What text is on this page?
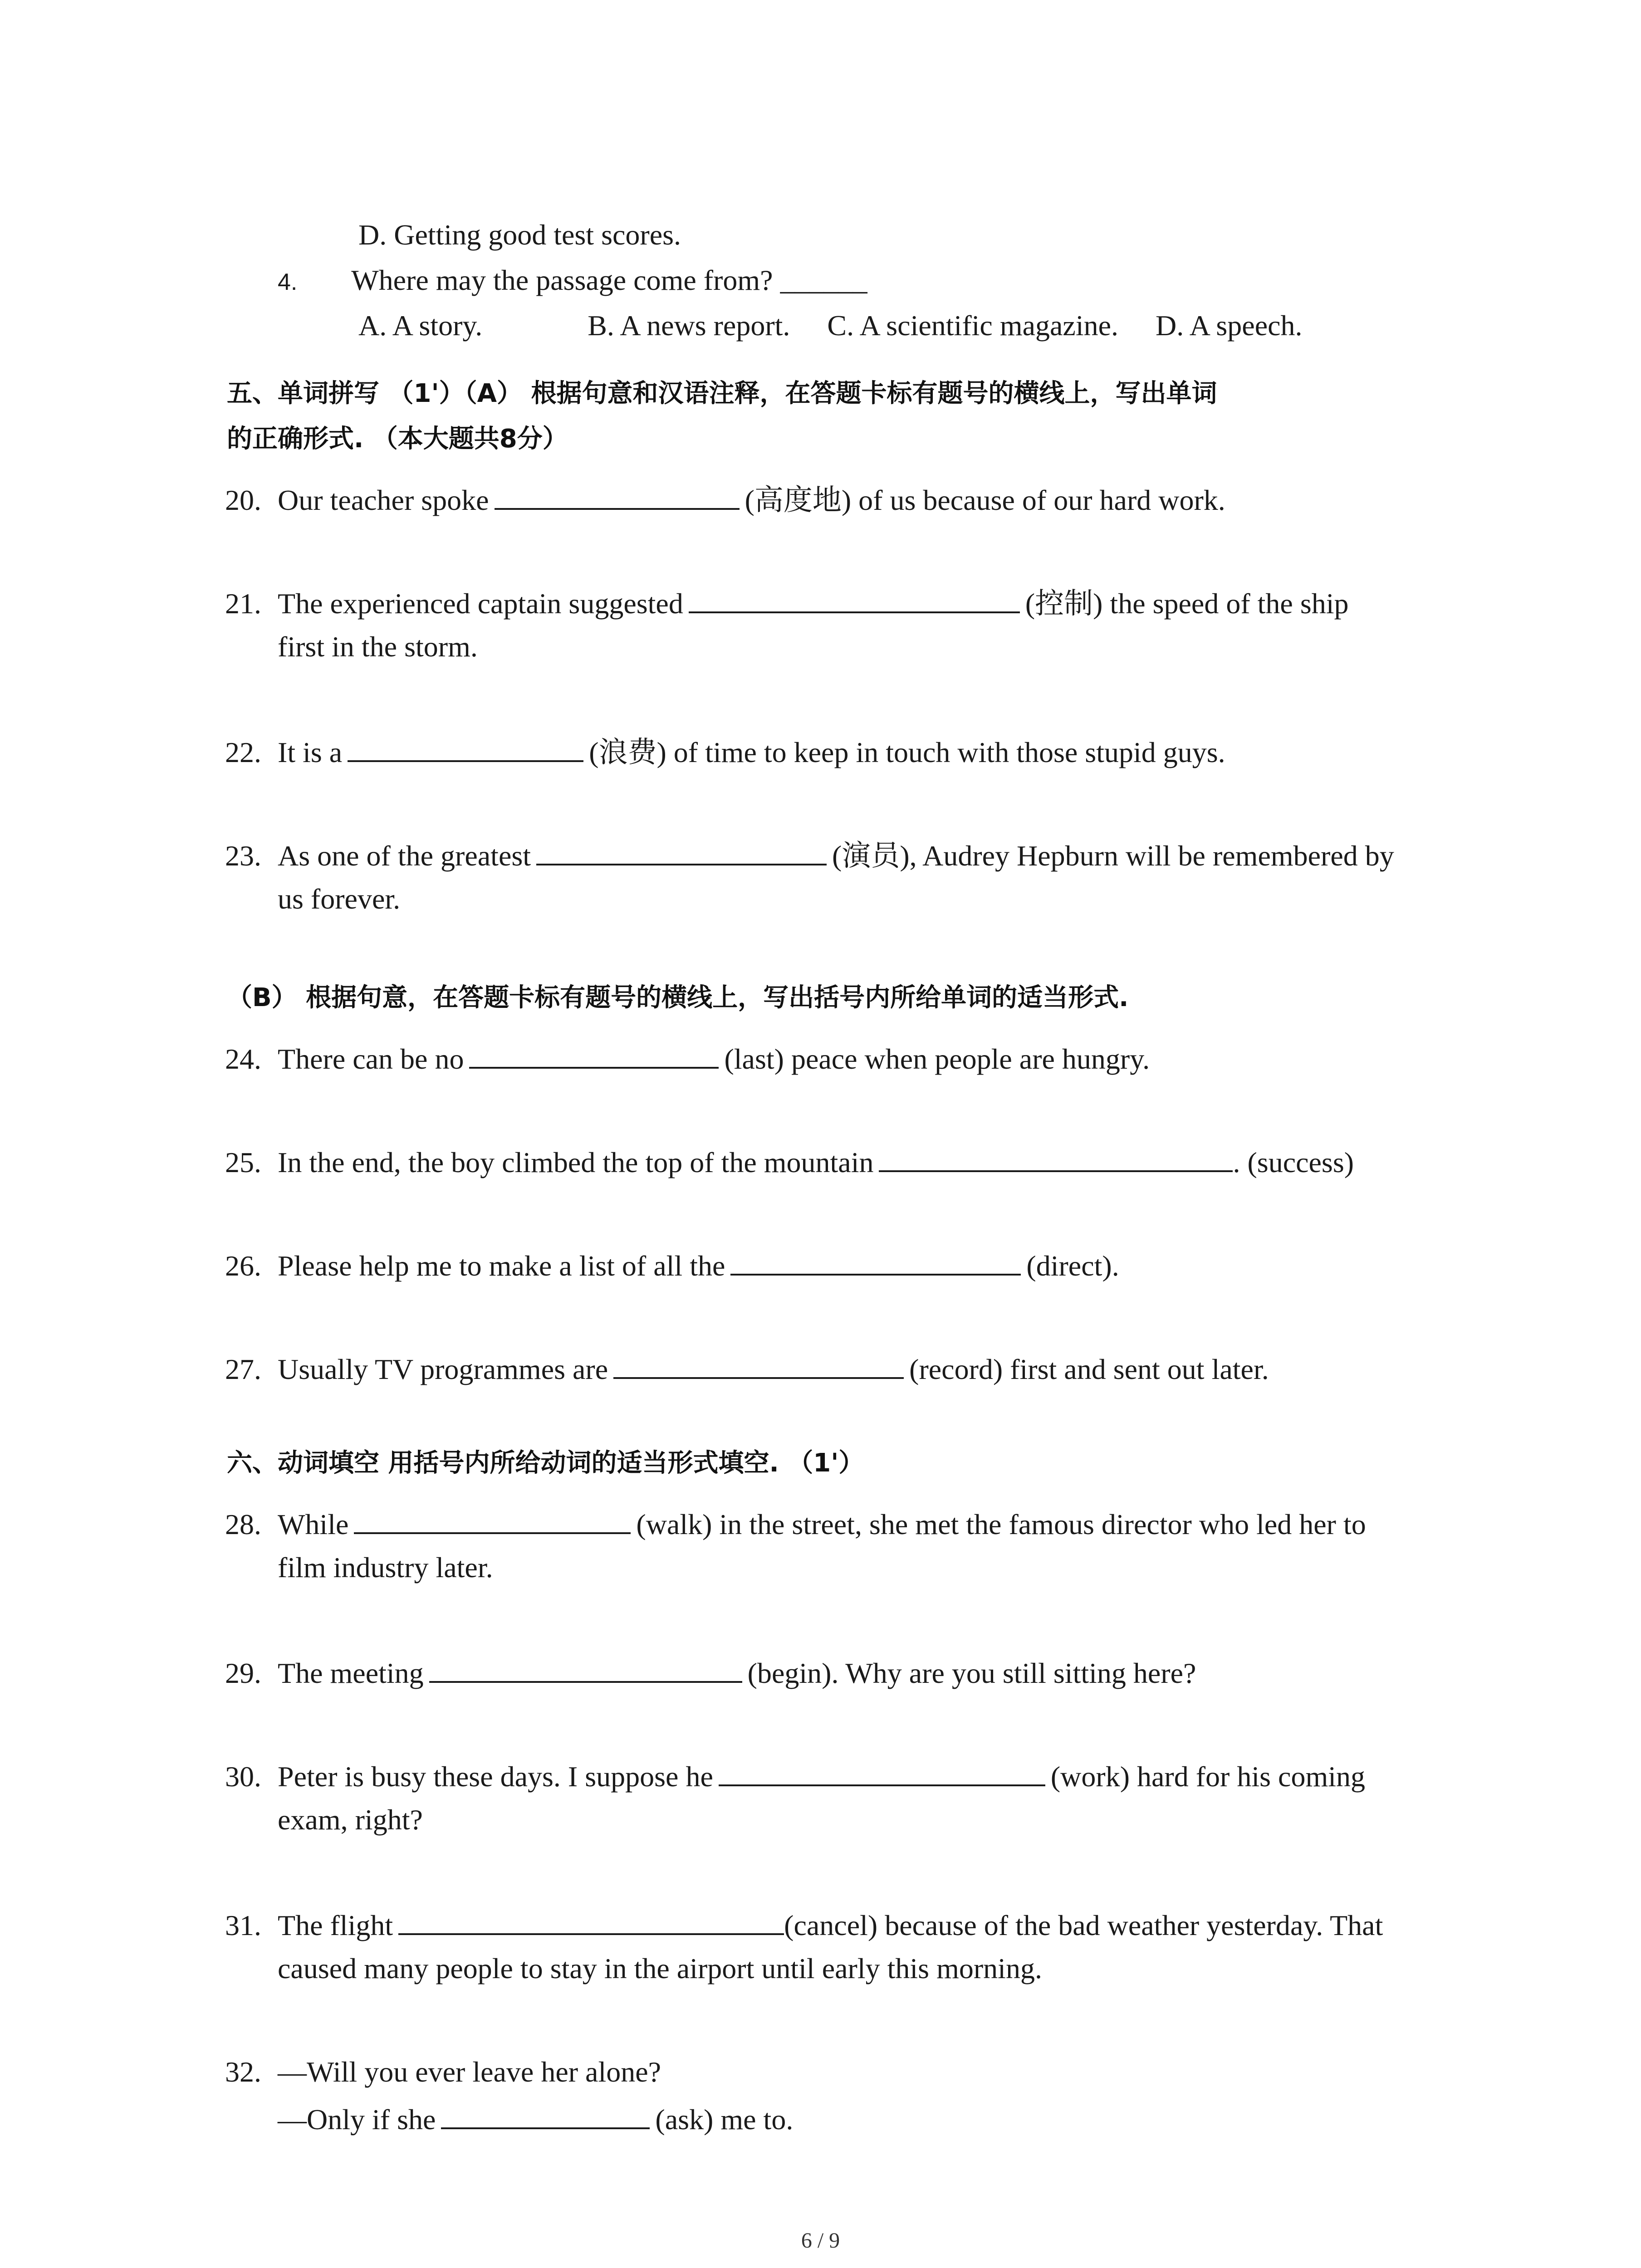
D. Getting good test scores.
4. Where may the passage come from? ______
A. A story.	B. A news report. C. A scientific magazine. D. A speech.
五、单词拼写 （1'）（A） 根据句意和汉语注释，在答题卡标有题号的横线上，写出单词
的正确形式. （本大题共8分）
20. Our teacher spoke	(高度地) of us because of our hard work.
21. The experienced captain suggested	(控制) the speed of the ship
first in the storm.
22. It is a	(浪费) of time to keep in touch with those stupid guys.
23. As one of the greatest	(演员), Audrey Hepburn will be remembered by
us forever.
（B） 根据句意，在答题卡标有题号的横线上，写出括号内所给单词的适当形式.
24. There can be no	(last) peace when people are hungry.
25. In the end, the boy climbed the top of the mountain	. (success)
26. Please help me to make a list of all the	(direct).
27. Usually TV programmes are	(record) first and sent out later.
六、动词填空 用括号内所给动词的适当形式填空. （1'）
28. While	(walk) in the street, she met the famous director who led her to
film industry later.
29. The meeting	(begin). Why are you still sitting here?
30. Peter is busy these days. I suppose he	(work) hard for his coming
exam, right?
31. The flight	(cancel) because of the bad weather yesterday. That
caused many people to stay in the airport until early this morning.
32. —Will you ever leave her alone?
—Only if she	(ask) me to.
6 / 9
